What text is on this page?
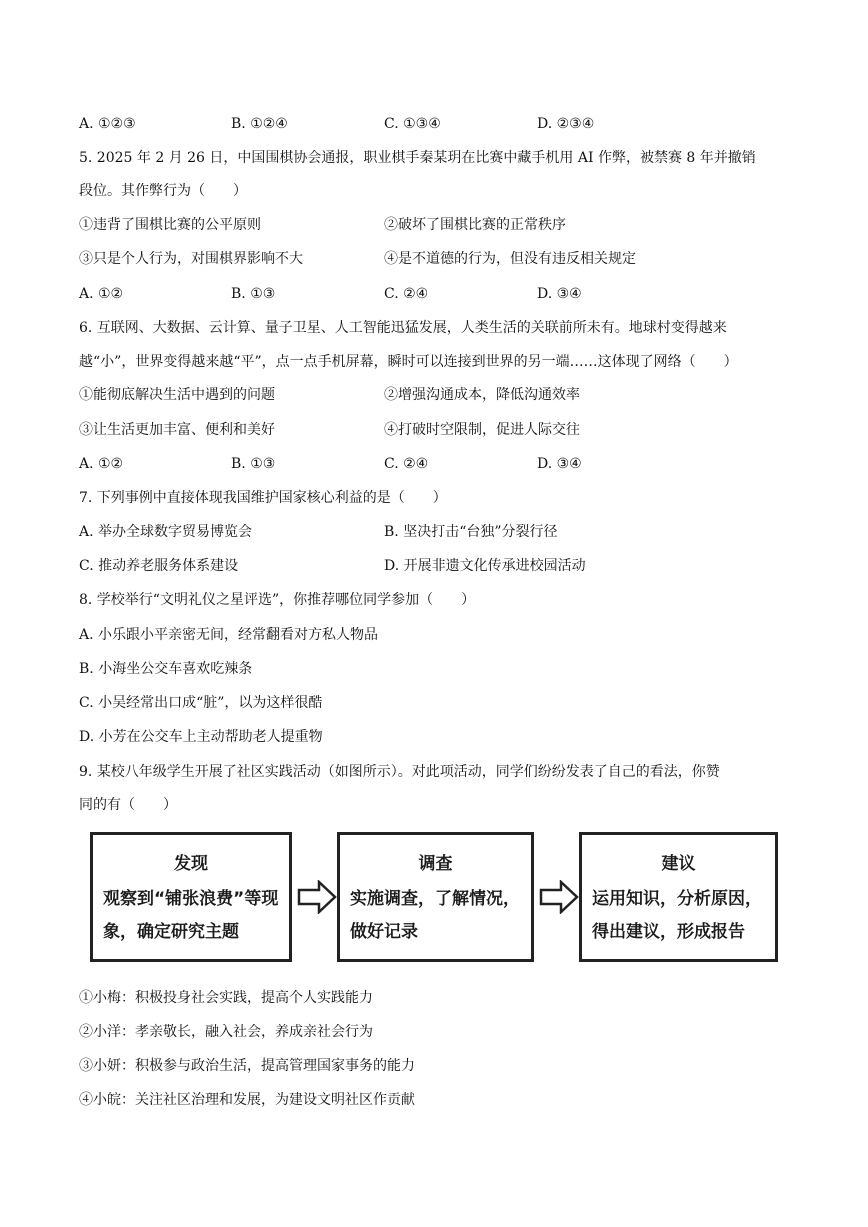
A. ①②③	B. ①②④	C. ①③④	D. ②③④
5. 2025 年 2 月 26 日，中国围棋协会通报，职业棋手秦某玥在比赛中藏手机用 AI 作弊，被禁赛 8 年并撤销
段位。其作弊行为（　　）
①违背了围棋比赛的公平原则	②破坏了围棋比赛的正常秩序
③只是个人行为，对围棋界影响不大	④是不道德的行为，但没有违反相关规定
A. ①②	B. ①③	C. ②④	D. ③④
6. 互联网、大数据、云计算、量子卫星、人工智能迅猛发展，人类生活的关联前所未有。地球村变得越来
越“小”，世界变得越来越“平”，点一点手机屏幕，瞬时可以连接到世界的另一端……这体现了网络（　　）
①能彻底解决生活中遇到的问题	②增强沟通成本，降低沟通效率
③让生活更加丰富、便利和美好	④打破时空限制，促进人际交往
A. ①②	B. ①③	C. ②④	D. ③④
7. 下列事例中直接体现我国维护国家核心利益的是（　　）
A. 举办全球数字贸易博览会	B. 坚决打击“台独”分裂行径
C. 推动养老服务体系建设	D. 开展非遗文化传承进校园活动
8. 学校举行“文明礼仪之星评选”，你推荐哪位同学参加（　　）
A. 小乐跟小平亲密无间，经常翻看对方私人物品
B. 小海坐公交车喜欢吃辣条
C. 小吴经常出口成“脏”，以为这样很酷
D. 小芳在公交车上主动帮助老人提重物
9. 某校八年级学生开展了社区实践活动（如图所示）。对此项活动，同学们纷纷发表了自己的看法，你赞
同的有（　　）
发现
观察到“铺张浪费”等现象，确定研究主题
调查
实施调查，了解情况，做好记录
建议
运用知识，分析原因，得出建议，形成报告
①小梅：积极投身社会实践，提高个人实践能力
②小洋：孝亲敬长，融入社会，养成亲社会行为
③小妍：积极参与政治生活，提高管理国家事务的能力
④小皖：关注社区治理和发展，为建设文明社区作贡献
